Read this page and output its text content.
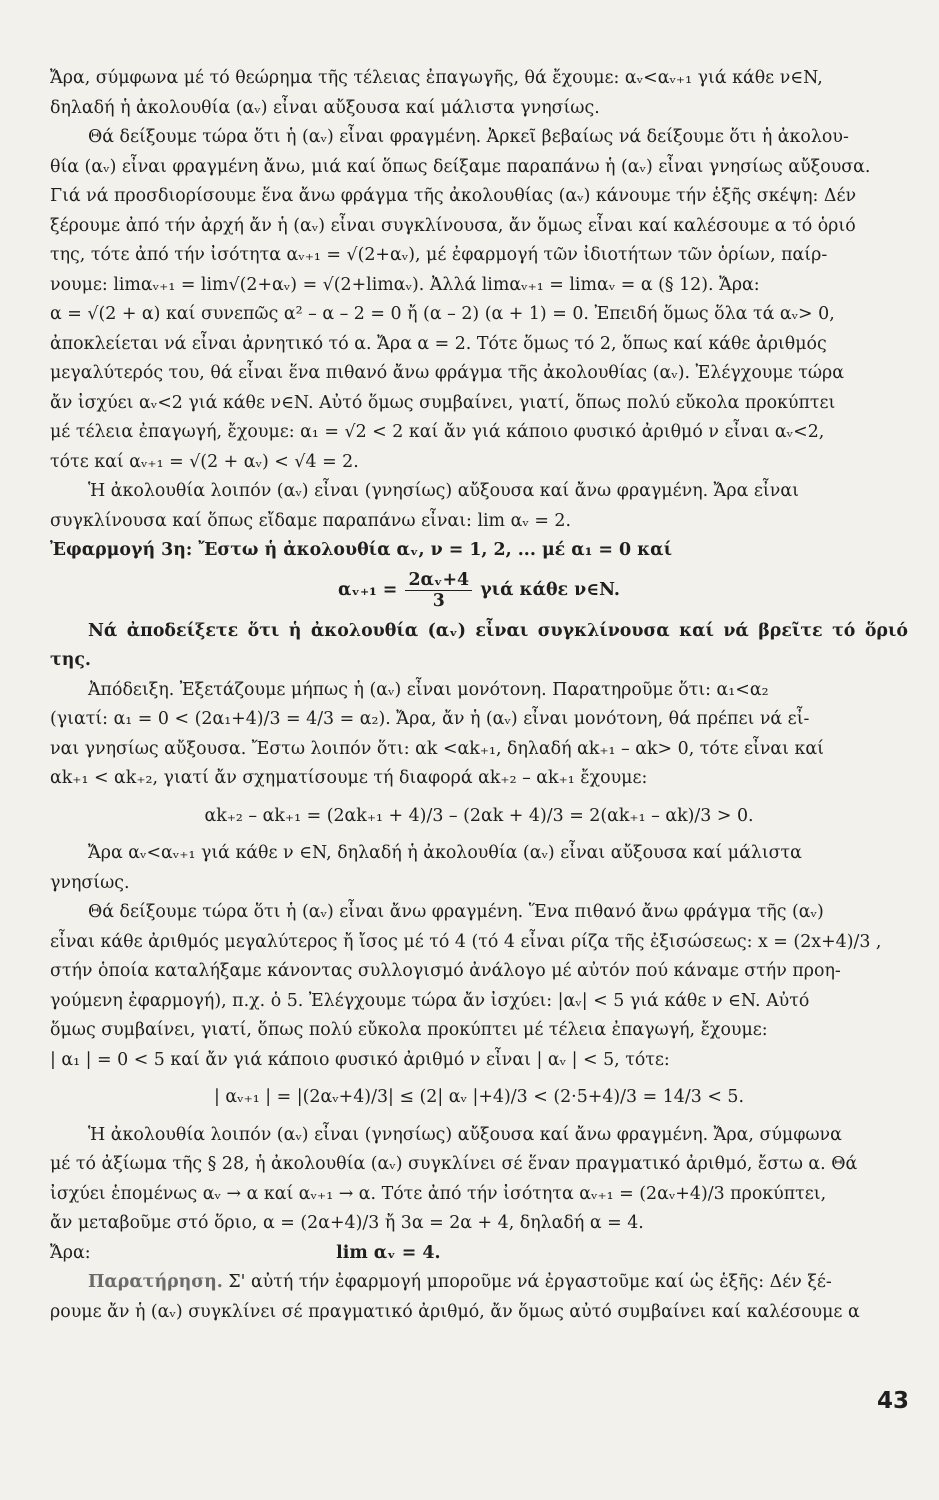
Ἄρα, σύμφωνα μέ τό θεώρημα τῆς τέλειας ἐπαγωγῆς, θά ἔχουμε: αᵥ<αᵥ₊₁ γιά κάθε ν∈N,

δηλαδή ἡ ἀκολουθία (αᵥ) εἶναι αὔξουσα καί μάλιστα γνησίως.

Θά δείξουμε τώρα ὅτι ἡ (αᵥ) εἶναι φραγμένη. Ἀρκεῖ βεβαίως νά δείξουμε ὅτι ἡ ἀκολου-

θία (αᵥ) εἶναι φραγμένη ἄνω, μιά καί ὅπως δείξαμε παραπάνω ἡ (αᵥ) εἶναι γνησίως αὔξουσα.

Γιά νά προσδιορίσουμε ἕνα ἄνω φράγμα τῆς ἀκολουθίας (αᵥ) κάνουμε τήν ἑξῆς σκέψη: Δέν

ξέρουμε ἀπό τήν ἀρχή ἄν ἡ (αᵥ) εἶναι συγκλίνουσα, ἄν ὅμως εἶναι καί καλέσουμε α τό ὁριό

της, τότε ἀπό τήν ἰσότητα αᵥ₊₁ = √(2+αᵥ), μέ ἐφαρμογή τῶν ἰδιοτήτων τῶν ὁρίων, παίρ-

νουμε: limαᵥ₊₁ = lim√(2+αᵥ) = √(2+limαᵥ). Ἀλλά limαᵥ₊₁ = limαᵥ = α (§ 12). Ἄρα:

α = √(2 + α) καί συνεπῶς α² – α – 2 = 0 ἤ (α – 2) (α + 1) = 0. Ἐπειδή ὅμως ὅλα τά αᵥ> 0,

ἀποκλείεται νά εἶναι ἀρνητικό τό α. Ἄρα α = 2. Τότε ὅμως τό 2, ὅπως καί κάθε ἀριθμός

μεγαλύτερός του, θά εἶναι ἕνα πιθανό ἄνω φράγμα τῆς ἀκολουθίας (αᵥ). Ἐλέγχουμε τώρα

ἄν ἰσχύει αᵥ<2 γιά κάθε ν∈N. Αὐτό ὅμως συμβαίνει, γιατί, ὅπως πολύ εὔκολα προκύπτει

μέ τέλεια ἐπαγωγή, ἔχουμε: α₁ = √2 < 2 καί ἄν γιά κάποιο φυσικό ἀριθμό ν εἶναι αᵥ<2,

τότε καί αᵥ₊₁ = √(2 + αᵥ) < √4 = 2.

Ἡ ἀκολουθία λοιπόν (αᵥ) εἶναι (γνησίως) αὔξουσα καί ἄνω φραγμένη. Ἄρα εἶναι

συγκλίνουσα καί ὅπως εἴδαμε παραπάνω εἶναι: lim αᵥ = 2.

Ἐφαρμογή 3η: Ἔστω ἡ ἀκολουθία αᵥ, ν = 1, 2, ... μέ α₁ = 0 καί

αᵥ₊₁ = $\frac{\text{2αᵥ+4}}{3}$ γιά κάθε ν∈N.

Νά ἀποδείξετε ὅτι ἡ ἀκολουθία (αᵥ) εἶναι συγκλίνουσα καί νά βρεῖτε τό ὅριό της.

Ἀπόδειξη. Ἐξετάζουμε μήπως ἡ (αᵥ) εἶναι μονότονη. Παρατηροῦμε ὅτι: α₁<α₂

(γιατί: α₁ = 0 < (2α₁+4)/3 = 4/3 = α₂). Ἄρα, ἄν ἡ (αᵥ) εἶναι μονότονη, θά πρέπει νά εἶ-

ναι γνησίως αὔξουσα. Ἔστω λοιπόν ὅτι: αk <αk₊₁, δηλαδή αk₊₁ – αk> 0, τότε εἶναι καί

αk₊₁ < αk₊₂, γιατί ἄν σχηματίσουμε τή διαφορά αk₊₂ – αk₊₁ ἔχουμε:

αk₊₂ – αk₊₁ = (2αk₊₁ + 4)/3 – (2αk + 4)/3 = 2(αk₊₁ – αk)/3 > 0.

Ἄρα αᵥ<αᵥ₊₁ γιά κάθε ν ∈N, δηλαδή ἡ ἀκολουθία (αᵥ) εἶναι αὔξουσα καί μάλιστα

γνησίως.

Θά δείξουμε τώρα ὅτι ἡ (αᵥ) εἶναι ἄνω φραγμένη. Ἕνα πιθανό ἄνω φράγμα τῆς (αᵥ)

εἶναι κάθε ἀριθμός μεγαλύτερος ἤ ἴσος μέ τό 4 (τό 4 εἶναι ρίζα τῆς ἐξισώσεως: x = (2x+4)/3 ,

στήν ὁποία καταλήξαμε κάνοντας συλλογισμό ἀνάλογο μέ αὐτόν πού κάναμε στήν προη-

γούμενη ἐφαρμογή), π.χ. ὁ 5. Ἐλέγχουμε τώρα ἄν ἰσχύει: |αᵥ| < 5 γιά κάθε ν ∈N. Αὐτό

ὅμως συμβαίνει, γιατί, ὅπως πολύ εὔκολα προκύπτει μέ τέλεια ἐπαγωγή, ἔχουμε:

| α₁ | = 0 < 5 καί ἄν γιά κάποιο φυσικό ἀριθμό ν εἶναι | αᵥ | < 5, τότε:

| αᵥ₊₁ | = |(2αᵥ+4)/3| ≤ (2| αᵥ |+4)/3 < (2·5+4)/3 = 14/3 < 5.

Ἡ ἀκολουθία λοιπόν (αᵥ) εἶναι (γνησίως) αὔξουσα καί ἄνω φραγμένη. Ἄρα, σύμφωνα

μέ τό ἀξίωμα τῆς § 28, ἡ ἀκολουθία (αᵥ) συγκλίνει σέ ἕναν πραγματικό ἀριθμό, ἔστω α. Θά

ἰσχύει ἑπομένως αᵥ → α καί αᵥ₊₁ → α. Τότε ἀπό τήν ἰσότητα αᵥ₊₁ = (2αᵥ+4)/3 προκύπτει,

ἄν μεταβοῦμε στό ὅριο, α = (2α+4)/3 ἤ 3α = 2α + 4, δηλαδή α = 4.

Ἄρα:	lim αᵥ = 4.

Παρατήρηση. Σ' αὐτή τήν ἐφαρμογή μποροῦμε νά ἐργαστοῦμε καί ὡς ἑξῆς: Δέν ξέ-

ρουμε ἄν ἡ (αᵥ) συγκλίνει σέ πραγματικό ἀριθμό, ἄν ὅμως αὐτό συμβαίνει καί καλέσουμε α

43
